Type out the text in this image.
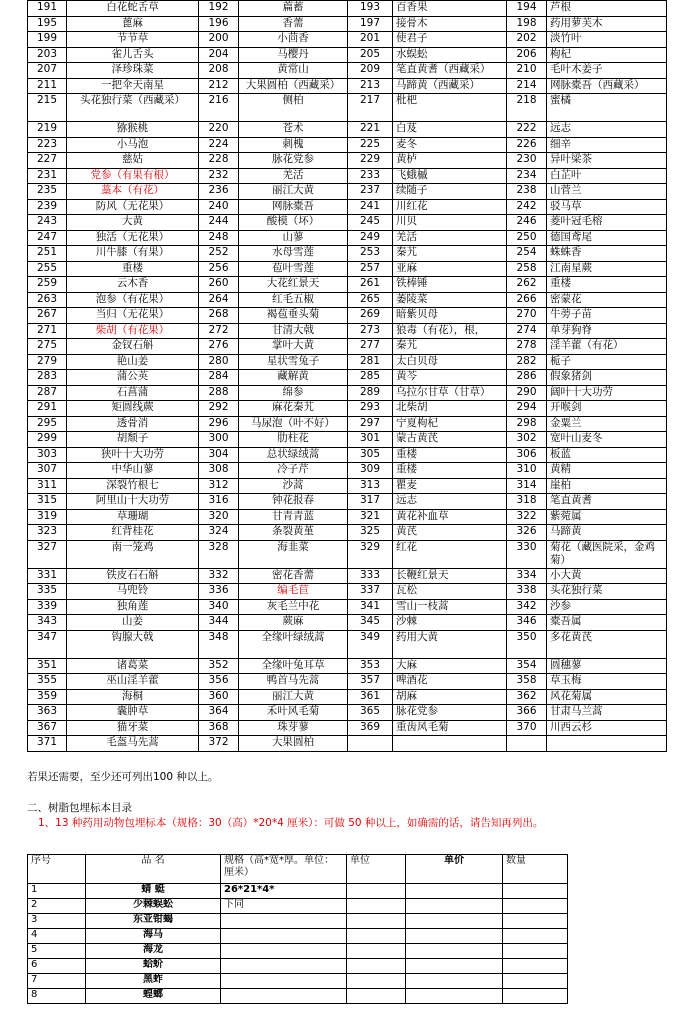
191	白花蛇舌草	192	萹蓄	193	百香果	194	芦根
195	蓖麻	196	香薷	197	接骨木	198	药用萝芙木
199	节节草	200	小茴香	201	使君子	202	淡竹叶
203	雀儿舌头	204	马樱丹	205	水蜈蚣	206	枸杞
207	泽珍珠菜	208	黄常山	209	笔直黄耆（西藏采）	210	毛叶木姜子
211	一把伞天南星	212	大果圆柏（西藏采）	213	马蹄黄（西藏采）	214	网脉橐吾（西藏采）
215	头花独行菜（西藏采）	216	侧柏	217	枇杷	218	蜜橘
219	猕猴桃	220	苍术	221	白芨	222	远志
223	小马泡	224	刺槐	225	麦冬	226	细辛
227	慈姑	228	脉花党参	229	黄栌	230	异叶梁茶
231	党参（有果有根）	232	羌活	233	飞蛾槭	234	白芷叶
235	藁本（有花）	236	丽江大黄	237	续随子	238	山菅兰
239	防风（无花果）	240	网脉橐吾	241	川红花	242	驳马草
243	大黄	244	酸模（坏）	245	川贝	246	菱叶冠毛榕
247	独活（无花果）	248	山蓼	249	羌活	250	德国鸢尾
251	川牛膝（有果）	252	水母雪莲	253	秦艽	254	蛛蛛香
255	重楼	256	苞叶雪莲	257	亚麻	258	江南星蕨
259	云木香	260	大花红景天	261	铁棒锤	262	重楼
263	泡参（有花果）	264	红毛五椒	265	萎陵菜	266	密蒙花
267	当归（无花果）	268	褐苞垂头菊	269	暗紫贝母	270	牛蒡子苗
271	柴胡（有花果）	272	甘清大戟	273	狼毒（有花），根，	274	单芽狗脊
275	金钗石斛	276	掌叶大黄	277	秦艽	278	淫羊藿（有花）
279	艳山姜	280	星状雪兔子	281	太白贝母	282	栀子
283	蒲公英	284	藏解黄	285	黄芩	286	假象猪剑
287	石菖蒲	288	绵参	289	乌拉尔甘草（甘草）	290	阔叶十大功劳
291	矩圆线蕨	292	麻花秦艽	293	北柴胡	294	开喉剑
295	透骨消	296	马尿泡（叶不好）	297	宁夏枸杞	298	金粟兰
299	胡颓子	300	肋柱花	301	蒙古黄芪	302	宽叶山麦冬
303	狭叶十大功劳	304	总状绿绒蒿	305	重楼	306	板蓝
307	中华山蓼	308	冷子芹	309	重楼	310	黄精
311	深裂竹根七	312	沙蒿	313	瞿麦	314	崖柏
315	阿里山十大功劳	316	钟花报春	317	远志	318	笔直黄耆
319	草珊瑚	320	甘青青蓝	321	黄花补血草	322	紫菀属
323	红背桂花	324	条裂黄堇	325	黄芪	326	马蹄黄
327	南一笼鸡	328	海韭菜	329	红花	330	菊花（藏医院采，金鸡菊）
331	铁皮石石斛	332	密花香薷	333	长鞭红景天	334	小大黄
335	马兜铃	336	编毛苣	337	瓦松	338	头花独行菜
339	独角莲	340	灰毛兰中花	341	雪山一枝蒿	342	沙参
343	山姜	344	蕨麻	345	沙棘	346	橐吾属
347	钩腺大戟	348	全缘叶绿绒蒿	349	药用大黄	350	多花黄芪
351	诸葛菜	352	全缘叶兔耳草	353	大麻	354	圆穗蓼
355	巫山淫羊藿	356	鸭首马先蒿	357	啤酒花	358	草玉梅
359	海桐	360	丽江大黄	361	胡麻	362	风花菊属
363	囊肿草	364	禾叶风毛菊	365	脉花党参	366	甘肃马兰蒿
367	猫牙菜	368	珠芽蓼	369	重齿风毛菊	370	川西云杉
371	毛盔马先蒿	372	大果圆柏				
若果还需要，至少还可列出100 种以上。
二、树脂包埋标本目录
1、13 种药用动物包埋标本（规格：30（高）*20*4 厘米）：可做 50 种以上，如确需的话，请告知再列出。
序号	品 名	规格（高*宽*厚。单位：厘米）	单位	单价	数量
1	蜻 蜓	26*21*4*			
2	少棘蜈蚣	下同			
3	东亚钳蝎				
4	海马				
5	海龙				
6	蛤蚧				
7	黑蚱				
8	蝗螂				
